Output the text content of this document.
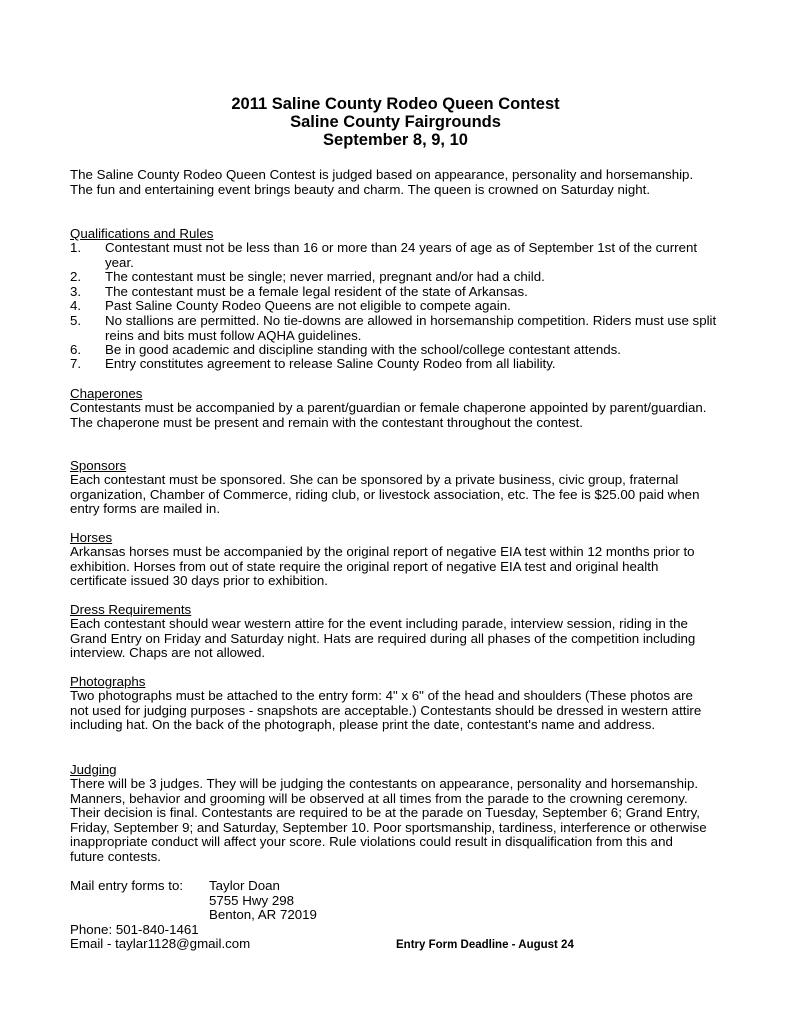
2011 Saline County Rodeo Queen Contest
Saline County Fairgrounds
September 8, 9, 10
The Saline County Rodeo Queen Contest is judged based on appearance, personality and horsemanship. The fun and entertaining event brings beauty and charm. The queen is crowned on Saturday night.
Qualifications and Rules
1. Contestant must not be less than 16 or more than 24 years of age as of September 1st of the current year.
2. The contestant must be single; never married, pregnant and/or had a child.
3. The contestant must be a female legal resident of the state of Arkansas.
4. Past Saline County Rodeo Queens are not eligible to compete again.
5. No stallions are permitted. No tie-downs are allowed in horsemanship competition. Riders must use split reins and bits must follow AQHA guidelines.
6. Be in good academic and discipline standing with the school/college contestant attends.
7. Entry constitutes agreement to release Saline County Rodeo from all liability.
Chaperones
Contestants must be accompanied by a parent/guardian or female chaperone appointed by parent/guardian. The chaperone must be present and remain with the contestant throughout the contest.
Sponsors
Each contestant must be sponsored. She can be sponsored by a private business, civic group, fraternal organization, Chamber of Commerce, riding club, or livestock association, etc. The fee is $25.00 paid when entry forms are mailed in.
Horses
Arkansas horses must be accompanied by the original report of negative EIA test within 12 months prior to exhibition. Horses from out of state require the original report of negative EIA test and original health certificate issued 30 days prior to exhibition.
Dress Requirements
Each contestant should wear western attire for the event including parade, interview session, riding in the Grand Entry on Friday and Saturday night. Hats are required during all phases of the competition including interview. Chaps are not allowed.
Photographs
Two photographs must be attached to the entry form: 4" x 6" of the head and shoulders (These photos are not used for judging purposes - snapshots are acceptable.) Contestants should be dressed in western attire including hat. On the back of the photograph, please print the date, contestant's name and address.
Judging
There will be 3 judges. They will be judging the contestants on appearance, personality and horsemanship. Manners, behavior and grooming will be observed at all times from the parade to the crowning ceremony. Their decision is final. Contestants are required to be at the parade on Tuesday, September 6; Grand Entry, Friday, September 9; and Saturday, September 10. Poor sportsmanship, tardiness, interference or otherwise inappropriate conduct will affect your score. Rule violations could result in disqualification from this and future contests.
Mail entry forms to: Taylor Doan
5755 Hwy 298
Benton, AR 72019
Phone: 501-840-1461
Email - taylar1128@gmail.com	Entry Form Deadline - August 24
